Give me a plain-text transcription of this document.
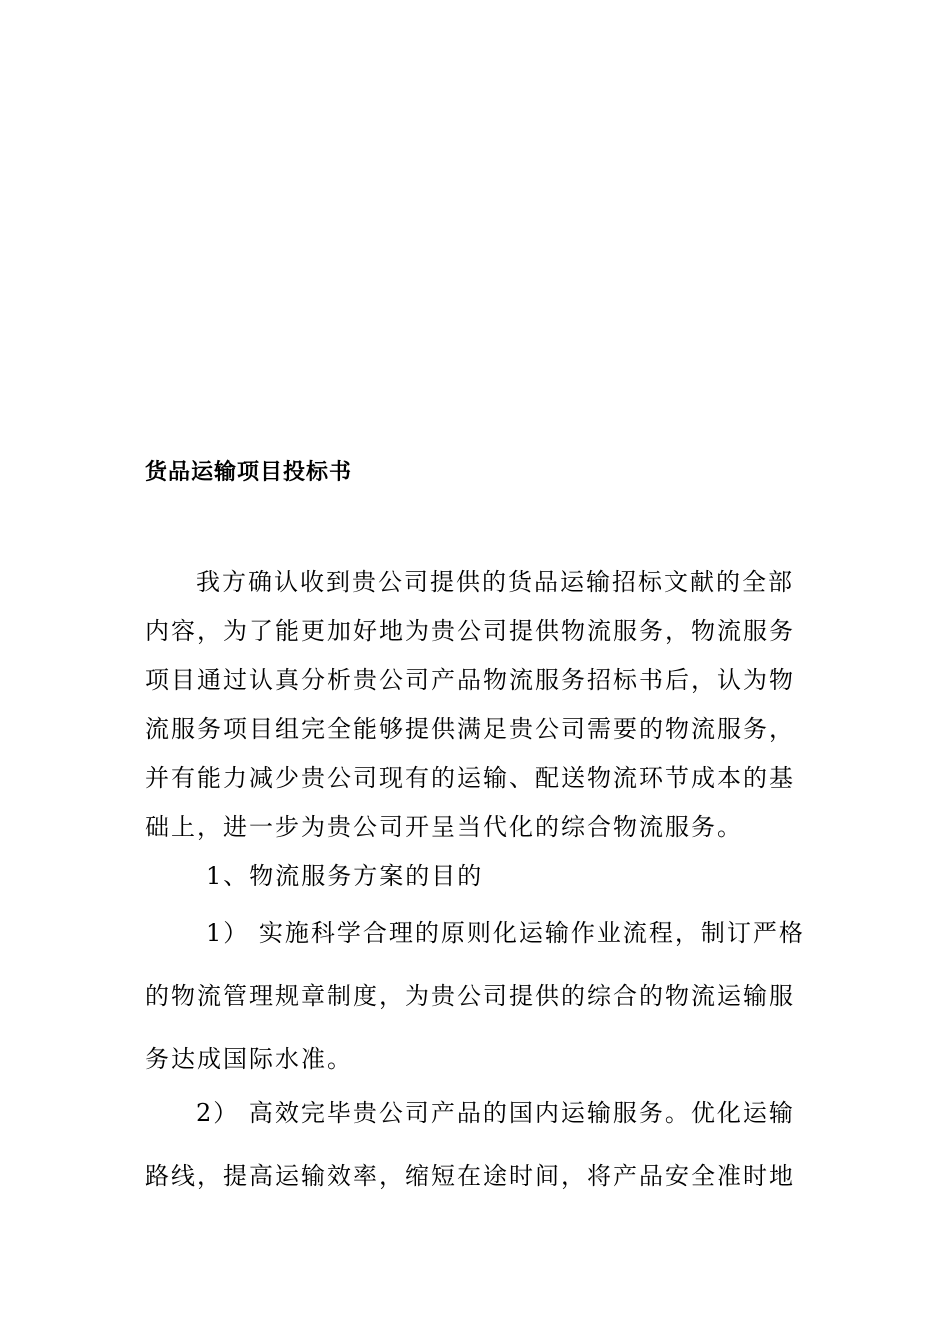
货品运输项目投标书
我方确认收到贵公司提供的货品运输招标文献的全部
内容，为了能更加好地为贵公司提供物流服务，物流服务
项目通过认真分析贵公司产品物流服务招标书后，认为物
流服务项目组完全能够提供满足贵公司需要的物流服务，
并有能力减少贵公司现有的运输、配送物流环节成本的基
础上，进一步为贵公司开呈当代化的综合物流服务。
1、物流服务方案的目的
1） 实施科学合理的原则化运输作业流程，制订严格
的物流管理规章制度，为贵公司提供的综合的物流运输服
务达成国际水准。
2） 高效完毕贵公司产品的国内运输服务。优化运输
路线，提高运输效率，缩短在途时间，将产品安全准时地
